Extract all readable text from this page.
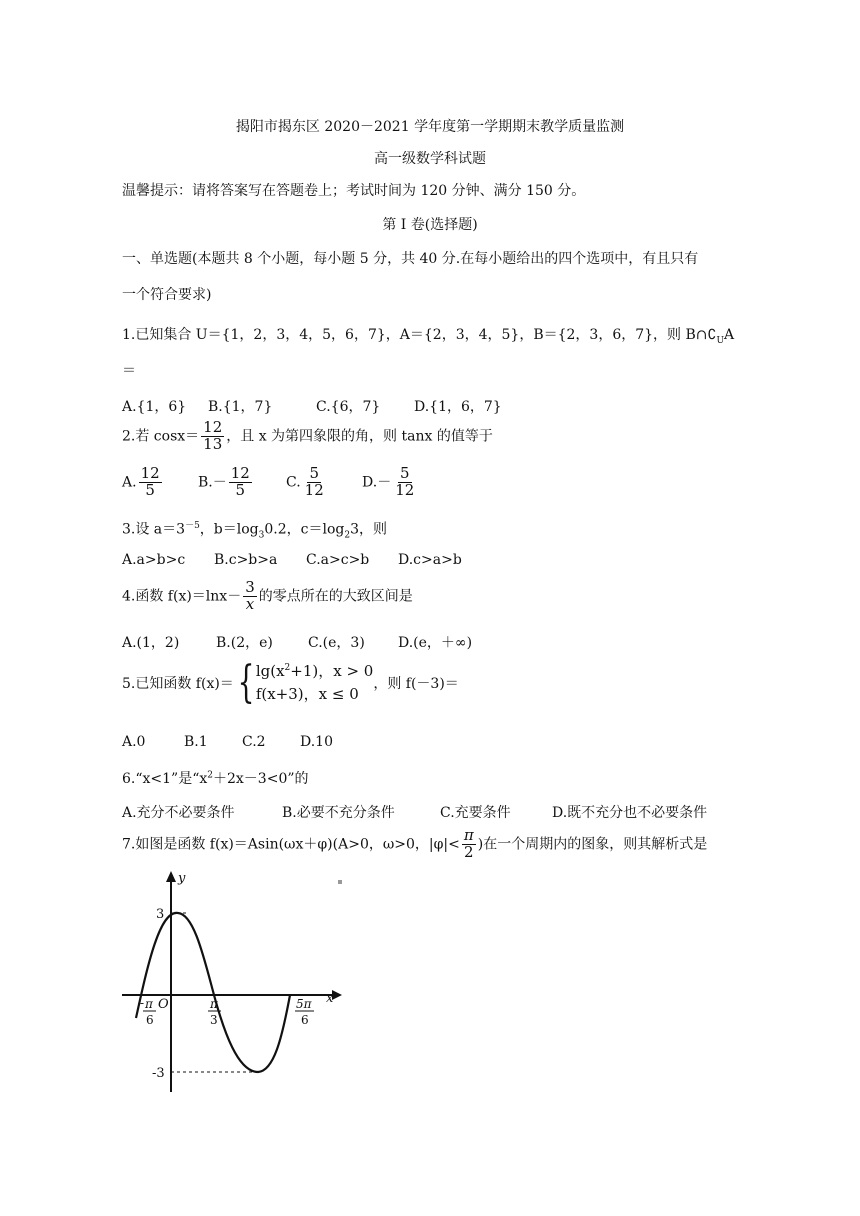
揭阳市揭东区 2020－2021 学年度第一学期期末教学质量监测
高一级数学科试题
温馨提示：请将答案写在答题卷上；考试时间为 120 分钟、满分 150 分。
第 I 卷(选择题)
一、单选题(本题共 8 个小题，每小题 5 分，共 40 分.在每小题给出的四个选项中，有且只有
一个符合要求)
1.已知集合 U＝{1，2，3，4，5，6，7}，A＝{2，3，4，5}，B＝{2，3，6，7}，则 $B\cap∁_UA$
＝
A.{1，6} B.{1，7}	C.{6，7} D.{1，6，7}
2.若 $\cos x= \frac{12}{13}$ ，且 x 为第四象限的角，则 tanx 的值等于
A. $\frac{12}{5}$	$B.- \frac{12}{5} C$. $\frac{5}{12}$	$D.- \frac{5}{12}$
3.设 $a=3^{-5}$，$b=\log_30.2$，$c=\log_23$，则
A.a>b>c B.c>b>a C.a>c>b D.c>a>b
4.函数 $f(x)=\ln x- \frac{3}{x}$ 的零点所在的大致区间是
A.(1，2)	B.(2，e)	C.(e，3) D.(e，＋∞)
5.已知函数 f(x)＝{ $\lg(x^2+1)$，x > 0
f(x+3)，x ≤ 0
，则 f(－3)＝
A.0	B.1 C.2 D.10
6.“x<1”是“$x^2+2x-3<0$”的
A.充分不必要条件	B.必要不充分条件	C.充要条件	D.既不充分也不必要条件
7.如图是函数 f(x)＝Asin(ωx＋φ)(A>0，ω>0，$|\varphi|< \frac{\pi}{2}$ )在一个周期内的图象，则其解析式是
y
x
O
3
-3
- π
6
π
3
5π
6
